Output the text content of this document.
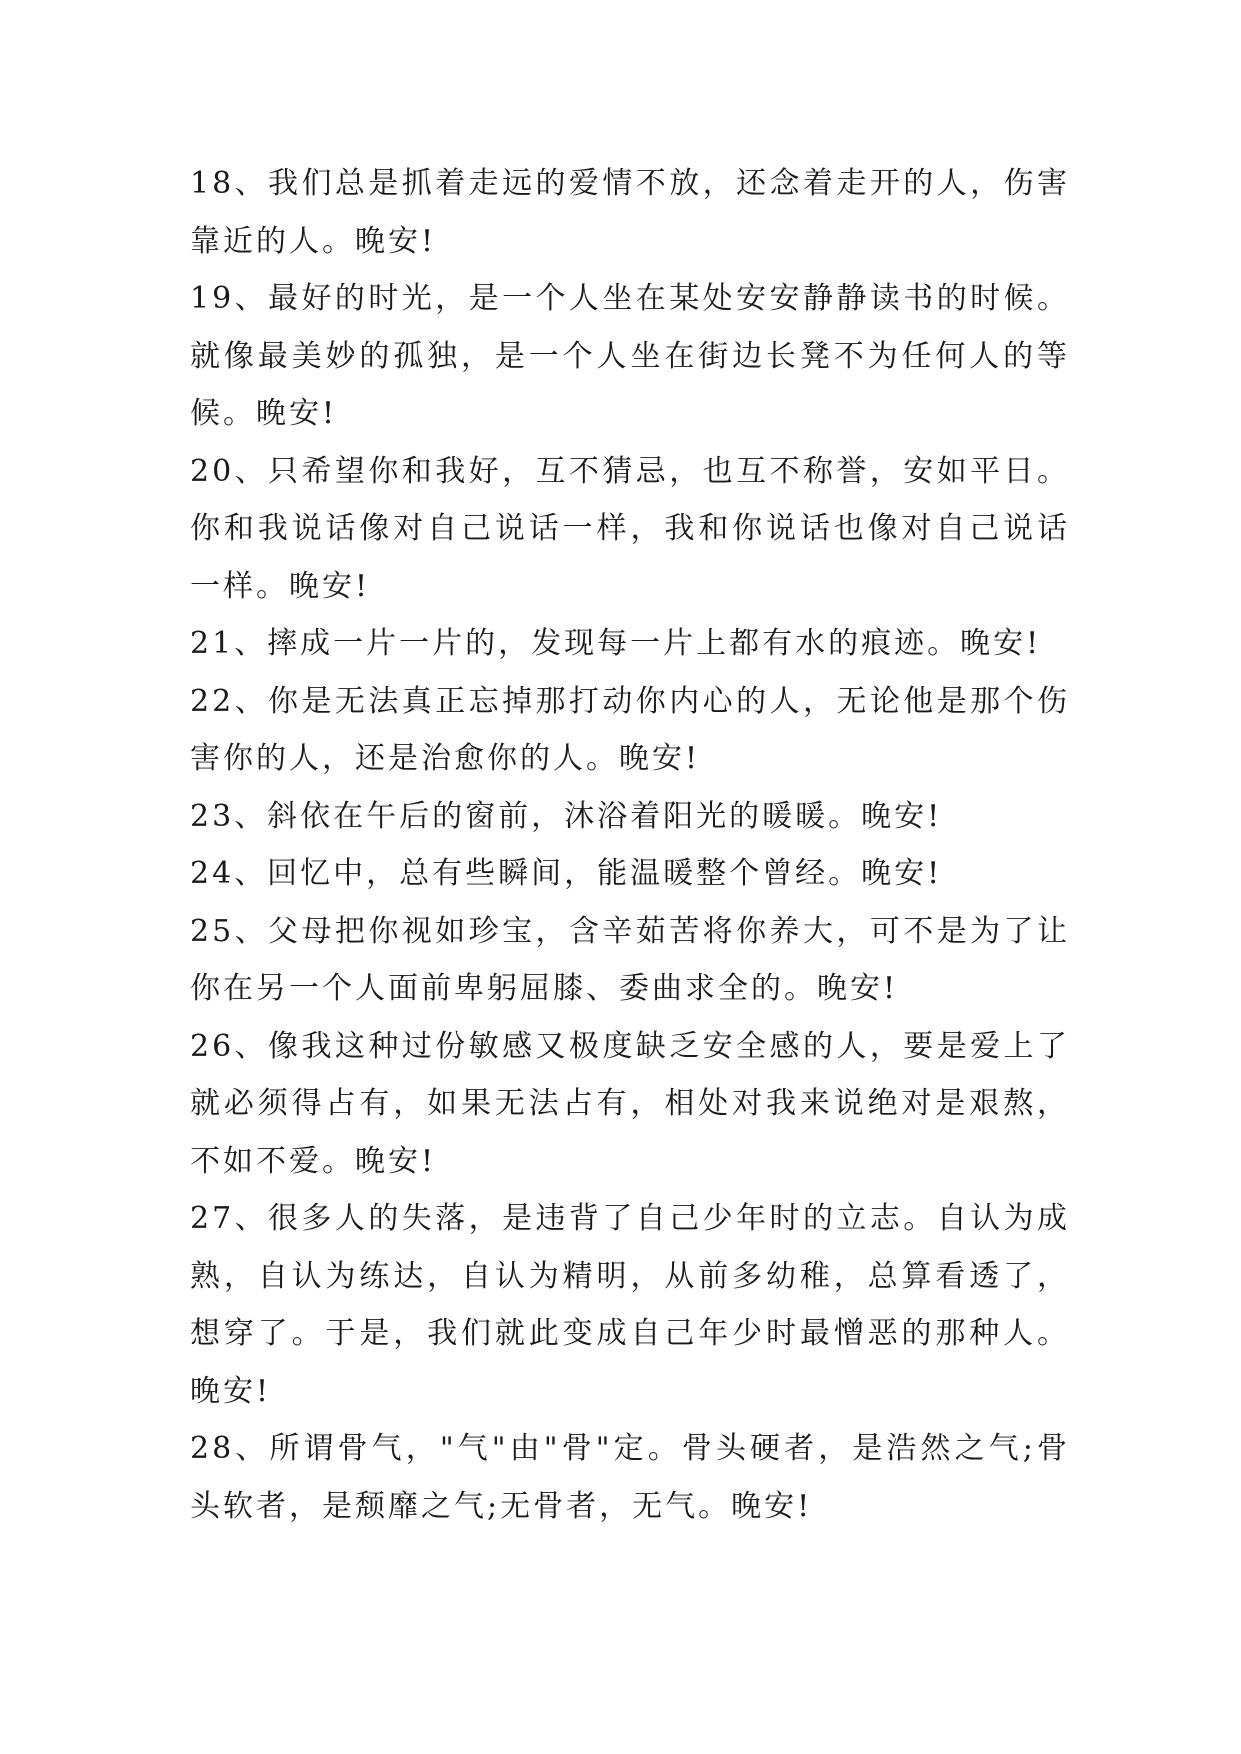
18、我们总是抓着走远的爱情不放，还念着走开的人，伤害靠近的人。晚安!

19、最好的时光，是一个人坐在某处安安静静读书的时候。就像最美妙的孤独，是一个人坐在街边长凳不为任何人的等候。晚安!

20、只希望你和我好，互不猜忌，也互不称誉，安如平日。你和我说话像对自己说话一样，我和你说话也像对自己说话一样。晚安!

21、摔成一片一片的，发现每一片上都有水的痕迹。晚安!

22、你是无法真正忘掉那打动你内心的人，无论他是那个伤害你的人，还是治愈你的人。晚安!

23、斜依在午后的窗前，沐浴着阳光的暖暖。晚安!

24、回忆中，总有些瞬间，能温暖整个曾经。晚安!

25、父母把你视如珍宝，含辛茹苦将你养大，可不是为了让你在另一个人面前卑躬屈膝、委曲求全的。晚安!

26、像我这种过份敏感又极度缺乏安全感的人，要是爱上了就必须得占有，如果无法占有，相处对我来说绝对是艰熬，不如不爱。晚安!

27、很多人的失落，是违背了自己少年时的立志。自认为成熟，自认为练达，自认为精明，从前多幼稚，总算看透了，想穿了。于是，我们就此变成自己年少时最憎恶的那种人。晚安!

28、所谓骨气，"气"由"骨"定。骨头硬者，是浩然之气;骨头软者，是颓靡之气;无骨者，无气。晚安!
